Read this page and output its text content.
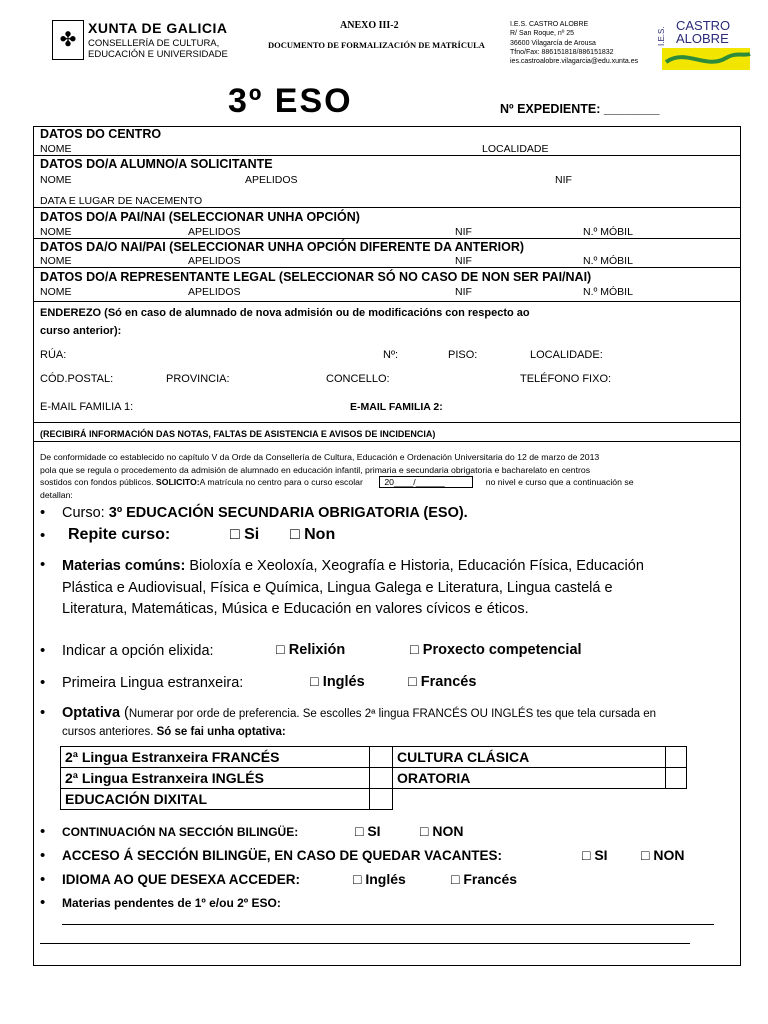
✤
XUNTA DE GALICIA
CONSELLERÍA DE CULTURA,
EDUCACIÓN E UNIVERSIDADE
ANEXO III-2
DOCUMENTO DE FORMALIZACIÓN DE MATRÍCULA
I.E.S. CASTRO ALOBRE
R/ San Roque, nº 25
36600 Vilagarcía de Arousa
Tfno/Fax: 886151818/886151832
ies.castroalobre.vilagarcia@edu.xunta.es
I.E.S.
CASTRO
ALOBRE
3º ESO	Nº EXPEDIENTE: ________
DATOS DO CENTRO
NOME	LOCALIDADE
DATOS DO/A ALUMNO/A SOLICITANTE
NOME	APELIDOS	NIF
DATA E LUGAR DE NACEMENTO
DATOS DO/A PAI/NAI (SELECCIONAR UNHA OPCIÓN)
NOME	APELIDOS	NIF	N.º MÓBIL
DATOS DA/O NAI/PAI (SELECCIONAR UNHA OPCIÓN DIFERENTE DA ANTERIOR)
NOME	APELIDOS	NIF	N.º MÓBIL
DATOS DO/A REPRESENTANTE LEGAL (SELECCIONAR SÓ NO CASO DE NON SER PAI/NAI)
NOME	APELIDOS	NIF	N.º MÓBIL
ENDEREZO (Só en caso de alumnado de nova admisión ou de modificacións con respecto ao
curso anterior):
RÚA:	Nº:	PISO:	LOCALIDADE:
CÓD.POSTAL:	PROVINCIA:	CONCELLO:	TELÉFONO FIXO:
E-MAIL FAMILIA 1:	E-MAIL FAMILIA 2:
(RECIBIRÁ INFORMACIÓN DAS NOTAS, FALTAS DE ASISTENCIA E AVISOS DE INCIDENCIA)
De conformidade co establecido no capítulo V da Orde da Consellería de Cultura, Educación e Ordenación Universitaria do 12 de marzo de 2013
pola que se regula o procedemento da admisión de alumnado en educación infantil, primaria e secundaria obrigatoria e bacharelato en centros
sostidos con fondos públicos. SOLICITO:A matrícula no centro para o curso escolar 20____/______	no nivel e curso que a continuación se
detallan:
• Curso: 3º EDUCACIÓN SECUNDARIA OBRIGATORIA (ESO).
• Repite curso:	□ Si □ Non
• Materias comúns: Bioloxía e Xeoloxía, Xeografía e Historia, Educación Física, Educación
Plástica e Audiovisual, Física e Química, Lingua Galega e Literatura, Lingua castelá e
Literatura, Matemáticas, Música e Educación en valores cívicos e éticos.
• Indicar a opción elixida:	□ Relixión	□ Proxecto competencial
• Primeira Lingua estranxeira:	□ Inglés	□ Francés
• Optativa (Numerar por orde de preferencia. Se escolles 2ª lingua FRANCÉS OU INGLÉS tes que tela cursada en
cursos anteriores. Só se fai unha optativa:
2ª Lingua Estranxeira FRANCÉS		CULTURA CLÁSICA	
2ª Lingua Estranxeira INGLÉS		ORATORIA	
EDUCACIÓN DIXITAL			
• CONTINUACIÓN NA SECCIÓN BILINGÜE:	□ SI	□ NON
• ACCESO Á SECCIÓN BILINGÜE, EN CASO DE QUEDAR VACANTES:	□ SI □ NON
• IDIOMA AO QUE DESEXA ACCEDER:	□ Inglés	□ Francés
• Materias pendentes de 1º e/ou 2º ESO:
